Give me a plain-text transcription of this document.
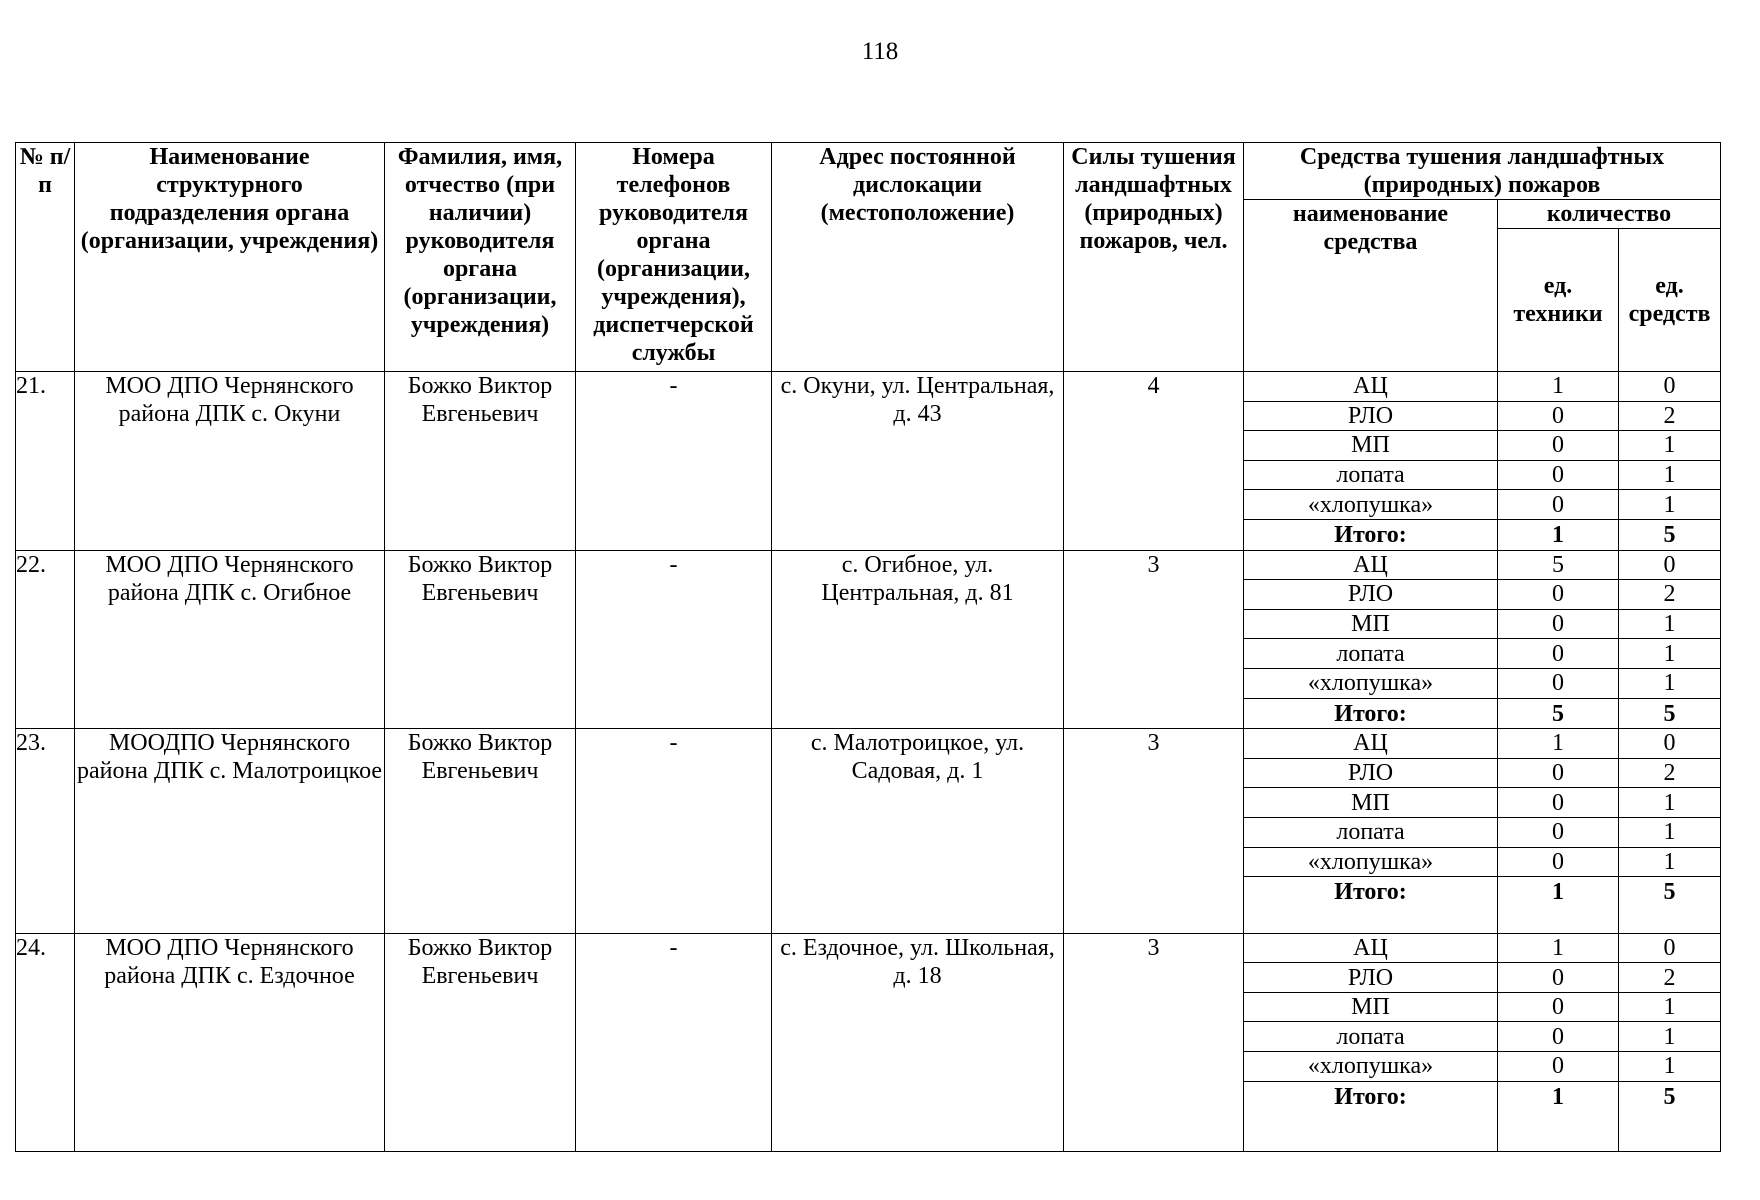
118
№ п/п	Наименование структурного подразделения органа (организации, учреждения)	Фамилия, имя, отчество (при наличии) руководителя органа (организации, учреждения)	Номера телефонов руководителя органа (организации, учреждения), диспетчерской службы	Адрес постоянной дислокации (местоположение)	Силы тушения ландшафтных (природных) пожаров, чел.	Средства тушения ландшафтных (природных) пожаров		
						наименование средства	количество	
							ед. техники	ед. средств
21.	МОО ДПО Чернянского района ДПК с. Окуни	Божко Виктор Евгеньевич	-	с. Окуни, ул. Центральная, д. 43	4	АЦ	1	0
						РЛО	0	2
						МП	0	1
						лопата	0	1
						«хлопушка»	0	1
						Итого:	1	5
22.	МОО ДПО Чернянского района ДПК с. Огибное	Божко Виктор Евгеньевич	-	с. Огибное, ул. Центральная, д. 81	3	АЦ	5	0
						РЛО	0	2
						МП	0	1
						лопата	0	1
						«хлопушка»	0	1
						Итого:	5	5
23.	МООДПО Чернянского района ДПК с. Малотроицкое	Божко Виктор Евгеньевич	-	с. Малотроицкое, ул. Садовая, д. 1	3	АЦ	1	0
						РЛО	0	2
						МП	0	1
						лопата	0	1
						«хлопушка»	0	1
						Итого:	1	5
24.	МОО ДПО Чернянского района ДПК с. Ездочное	Божко Виктор Евгеньевич	-	с. Ездочное, ул. Школьная, д. 18	3	АЦ	1	0
						РЛО	0	2
						МП	0	1
						лопата	0	1
						«хлопушка»	0	1
						Итого:	1	5
